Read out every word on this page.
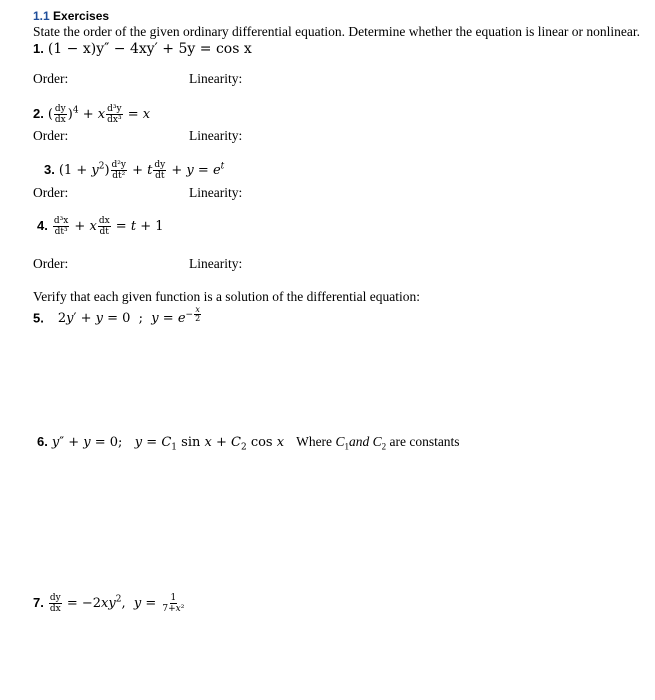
1.1 Exercises
State the order of the given ordinary differential equation. Determine whether the equation is linear or nonlinear.
1. (1 − x)y″ − 4xy′ + 5y = cos x
Order:	Linearity:
2. ( $\frac{dy}{dx} )^4 + x \frac{\text{d³y}}{\text{dx³}} = x$
Order:	Linearity:
3. $(1 + y^2) \frac{\text{d²y}}{\text{dt²}} + t \frac{dy}{dt} + y = e^t$
Order:	Linearity:
4. $\frac{\text{d³x}}{\text{dt³}} + x \frac{dx}{dt} = t + 1$
Order:	Linearity:
Verify that each given function is a solution of the differential equation:
5. 2y′ + y = 0  ;  $y = e^{- \frac{x}{2}}$
6. y″ + y = 0;   $y = C_1$ $\sin x + C_2$ cos x Where $C_1and$ $C_2$ are constants
7. $\frac{dy}{dx} = -2xy^2$,  $y = \frac{1}{\text{7+x²}}$
